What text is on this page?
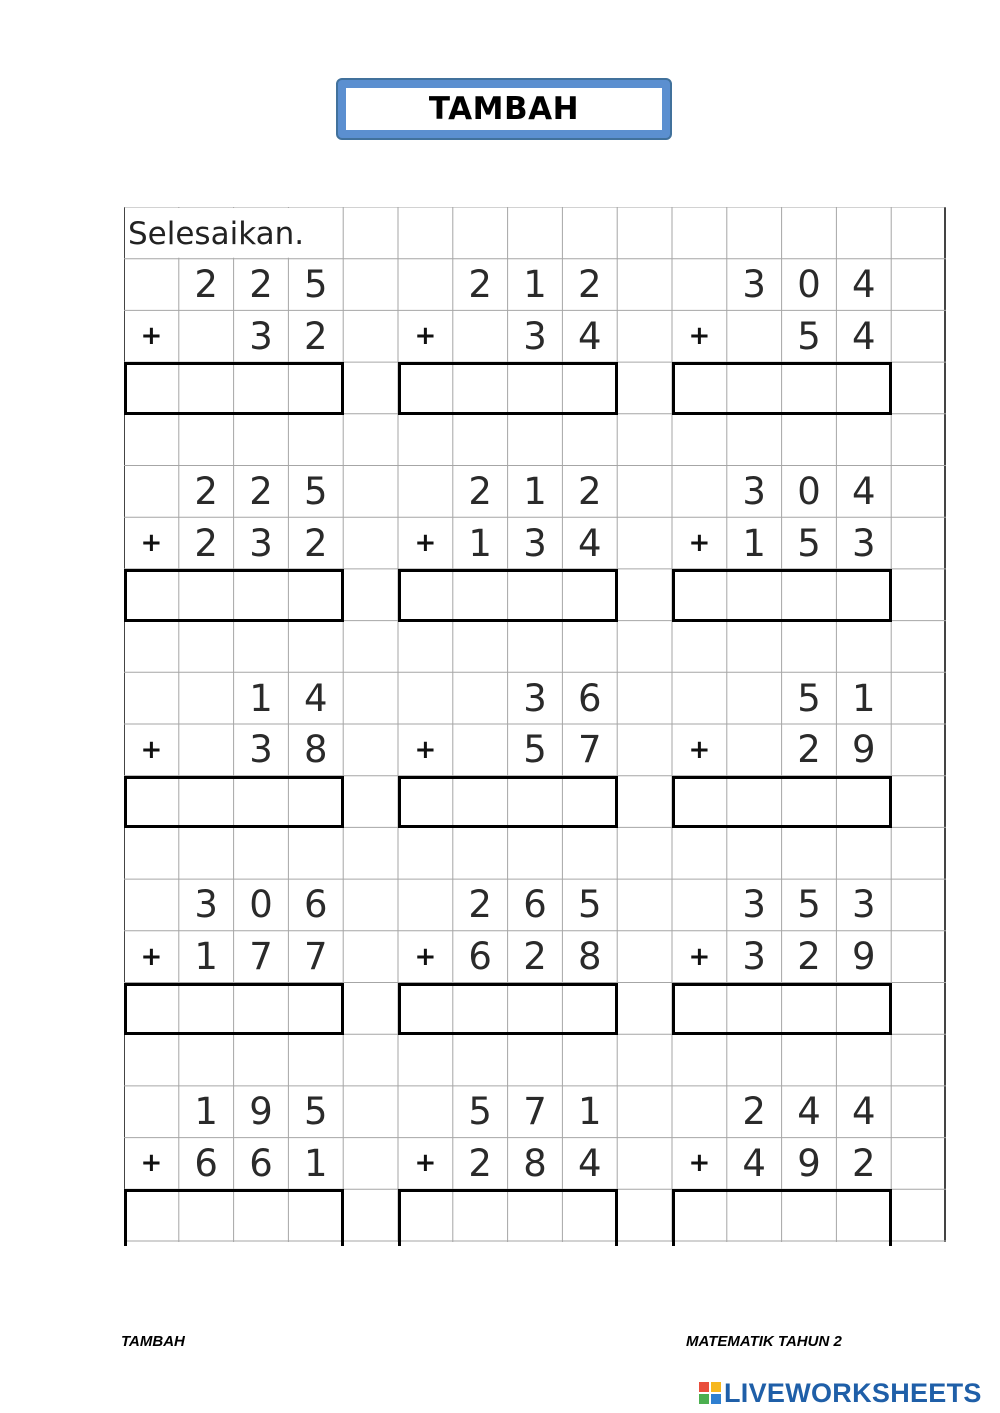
TAMBAH
Selesaikan.
2 2 5
+	3 2
2 1 2
+	3 4
3 0 4
+	5 4
2 2 5
+ 2 3 2
2 1 2
+ 1 3 4
3 0 4
+ 1 5 3
1 4
+	3 8
3 6
+	5 7
5 1
+	2 9
3 0 6
+ 1 7 7
2 6 5
+ 6 2 8
3 5 3
+ 3 2 9
1 9 5
+ 6 6 1
5 7 1
+ 2 8 4
2 4 4
+ 4 9 2
TAMBAH	MATEMATIK TAHUN 2
LIVEWORKSHEETS
